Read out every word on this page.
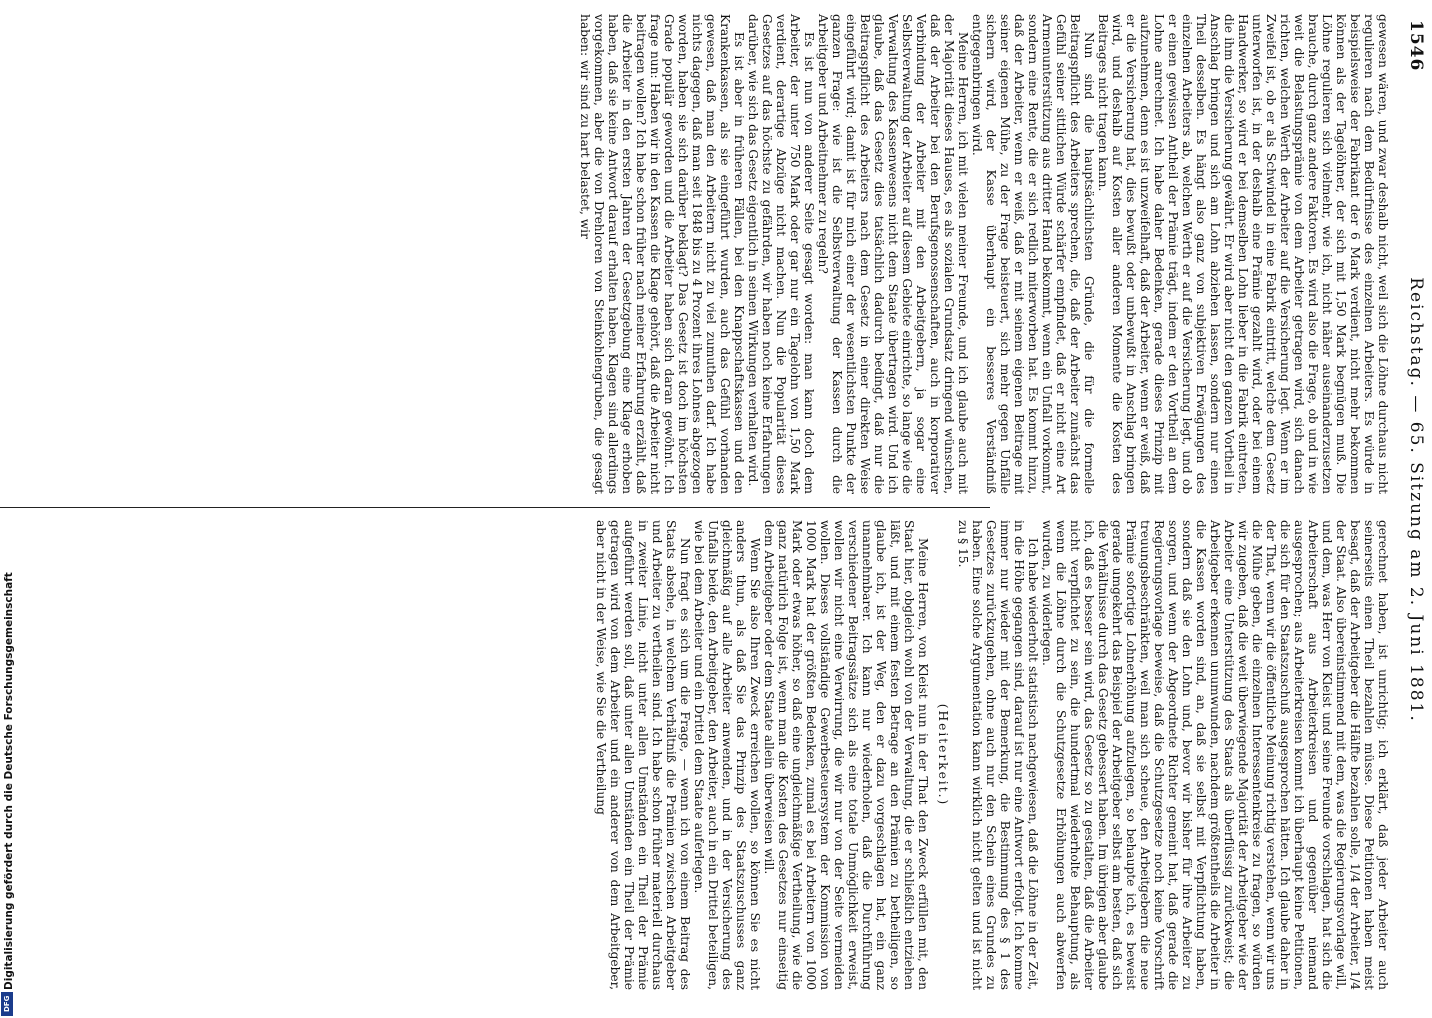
1546
Reichstag. — 65. Sitzung am 2. Juni 1881.

gewesen wären, und zwar deshalb nicht, weil sich die Löhne durchaus nicht regulieren nach dem Bedürfnisse des einzelnen Arbeiters. Es würde in beispielsweise der Fabrikant der 6 Mark verdient, nicht mehr bekommen können als der Tagelöhner, der sich mit 1,50 Mark begnügen muß. Die Löhne regulieren sich vielmehr, wie ich, nicht näher auseinanderzusetzen brauche, durch ganz andere Faktoren. Es wird also die Frage, ob und in wie weit die Belastungsprämie von dem Arbeiter getragen wird, sich danach richten, welchen Werth der Arbeiter auf die Versicherung legt. Wenn er im Zweifel ist, ob er als Schwindel in eine Fabrik eintritt, welche dem Gesetz unterworfen ist, in der deshalb eine Prämie gezahlt wird, oder bei einem Handwerker, so wird er bei demselben Lohn lieber in die Fabrik eintreten, die ihm die Versicherung gewährt. Er wird aber nicht den ganzen Vortheil in Anschlag bringen und sich am Lohn abziehen lassen, sondern nur einen Theil desselben. Es hängt also ganz von subjektiven Erwägungen des einzelnen Arbeiters ab, welchen Werth er auf die Versicherung legt, und ob er einen gewissen Antheil der Prämie trägt, indem er den Vortheil an dem Lohne anrechnet. Ich habe daher Bedenken, gerade dieses Prinzip mit aufzunehmen, denn es ist unzweifelhaft, daß der Arbeiter, wenn er weiß, daß er die Versicherung hat, dies bewußt oder unbewußt in Anschlag bringen wird, und deshalb auf Kosten aller anderen Momente die Kosten des Beitrages nicht tragen kann.

Nun sind die hauptsächlichsten Gründe, die für die formelle Beitragspflicht des Arbeiters sprechen, die, daß der Arbeiter zunächst das Gefühl seiner sittlichen Würde schärfer empfindet, daß er nicht eine Art Armenunterstützung aus dritter Hand bekommt, wenn ein Unfall vorkommt, sondern eine Rente, die er sich redlich miterworben hat. Es kommt hinzu, daß der Arbeiter, wenn er weiß, daß er mit seinem eigenen Beitrage mit seiner eigenen Mühe, zu der Frage beisteuert, sich mehr gegen Unfälle sichern wird, der Kasse überhaupt ein besseres Verständniß entgegenbringen wird.

Meine Herren, ich mit vielen meiner Freunde, und ich glaube auch mit der Majorität dieses Hauses, es als sozialen Grundsatz dringend wünschen, daß der Arbeiter bei den Berufsgenossenschaften, auch in korporativer Verbindung der Arbeiter mit den Arbeitgebern, ja sogar eine Selbstverwaltung der Arbeiter auf diesem Gebiete einrichte, so lange wie die Verwaltung des Kassenwesens nicht dem Staate übertragen wird. Und ich glaube, daß das Gesetz dies tatsächlich dadurch bedingt, daß nur die Beitragspflicht des Arbeiters nach dem Gesetz in einer direkten Weise eingeführt wird; damit ist für mich einer der wesentlichsten Punkte der ganzen Frage: wie ist die Selbstverwaltung der Kassen durch die Arbeitgeber und Arbeitnehmer zu regeln?

Es ist nun von anderer Seite gesagt worden: man kann doch dem Arbeiter, der unter 750 Mark oder gar nur ein Tagelohn von 1,50 Mark verdient, derartige Abzüge nicht machen. Nun die Popularität dieses Gesetzes auf das höchste zu gefährden, wir haben noch keine Erfahrungen darüber, wie sich das Gesetz eigentlich in seinen Wirkungen verhalten wird.

Es ist aber in früheren Fällen, bei den Knappschaftskassen und den Krankenkassen, als sie eingeführt wurden, auch das Gefühl vorhanden gewesen, daß man den Arbeitern nicht zu viel zumuthen darf. Ich habe nichts dagegen, daß man seit 1848 bis zu 4 Prozent ihres Lohnes abgezogen worden, haben sie sich darüber beklagt? Das Gesetz ist doch im höchsten Grade populär geworden und die Arbeiter haben sich daran gewöhnt. Ich frage nun: Haben wir in den Kassen die Klage gehört, daß die Arbeiter nicht beitragen wollen? Ich habe schon früher nach meiner Erfahrung erzählt, daß die Arbeiter in den ersten Jahren der Gesetzgebung eine Klage erhoben haben, daß sie keine Antwort darauf erhalten haben. Klagen sind allerdings vorgekommen, aber die von Drehloren von Steinkohlengruben, die gesagt haben: wir sind zu hart belastet, wir

gerechnet haben, ist unrichtig; ich erklärt, daß jeder Arbeiter auch seinerseits einen Theil bezahlen müsse. Diese Petitionen haben meist besagt, daß der Arbeitgeber die Hälfte bezahlen solle, 1/4 der Arbeiter, 1/4 der Staat. Also übereinstimmend mit dem, was die Regierungsvorlage will, und dem, was Herr von Kleist und seine Freunde vorschlagen, hat sich die Arbeiterschaft aus Arbeiterkreisen und gegenüber niemand ausgesprochen; aus Arbeiterkreisen kommt ich überhaupt keine Petitionen, die sich für den Staatszuschuß ausgesprochen hätten. Ich glaube daher in der That, wenn wir die öffentliche Meinung richtig verstehen, wenn wir uns die Mühe geben, die einzelnen Interessentenkreise zu fragen, so würden wir zugeben, daß die weit überwiegende Majorität der Arbeitgeber wie der Arbeiter eine Unterstützung des Staats als überflüssig zurückweist; die Arbeitgeber erkennen unumwunden, nachdem größtentheils die Arbeiter in die Kassen worden sind, an, daß sie selbst mit Verpflichtung haben, sondern daß sie den Lohn und, bevor wir bisher für ihre Arbeiter zu sorgen, und wenn der Abgeordnete Richter gemeint hat, daß gerade die Regierungsvorlage beweise, daß die Schutzgesetze noch keine Vorschrift treuungsbeschränkten, weil man sich scheue, den Arbeitgebern die neue Prämie sofortige Lohnerhöhung aufzulegen, so behaupte ich, es beweist gerade umgekehrt das Beispiel der Arbeitgeber selbst am besten, daß sich die Verhältnisse durch das Gesetz gebessert haben. Im übrigen aber glaube ich, daß es besser sein wird, das Gesetz so zu gestalten, daß die Arbeiter nicht verpflichtet zu sein, die hundertmal wiederholte Behauptung, als wenn die Löhne durch die Schutzgesetze Erhöhungen auch abwerfen wurden, zu widerlegen.

Ich habe wiederholt statistisch nachgewiesen, daß die Löhne in der Zeit, in die Höhe gegangen sind, darauf ist nur eine Antwort erfolgt. Ich komme immer nur wieder mit der Bemerkung, die Bestimmung des § 1 des Gesetzes zurückzugehen, ohne auch nur den Schein eines Grundes zu haben. Eine solche Argumentation kann wirklich nicht gelten und ist nicht zu § 15.

(Heiterkeit.)

Meine Herren, von Kleist nun in der That den Zweck erfüllen mit, den Staat hier, obgleich wohl von der Verwaltung, die er schließlich entziehen läßt, und mit einem festen Betrage an den Prämien zu betheiligen, so glaube ich, ist der Weg, den er dazu vorgeschlagen hat, ein ganz unannehmbarer. Ich kann nur wiederholen, daß die Durchführung verschiedener Beitragssätze sich als eine totale Unmöglichkeit erweist, wollen wir nicht eine Verwirrung, die wir nur von der Seite vermeiden wollen. Dieses vollständige Gewerbesteuersystem der Kommission von 1000 Mark hat der größten Bedenken, zumal es bei Arbeitern von 1000 Mark oder etwas höher, so daß eine ungleichmäßige Vertheilung, wie die ganz natürlich Folge ist, wenn man die Kosten des Gesetzes nur einseitig dem Arbeitgeber oder dem Staate allein überweisen will.

Wenn Sie also Ihren Zweck erreichen wollen, so können Sie es nicht anders thun, als daß Sie das Prinzip des Staatszuschusses ganz gleichmäßig auf alle Arbeiter anwenden, und in der Versicherung des Unfalls beide, den Arbeitgeber, den Arbeiter, auch in ein Drittel beteiligen, wie bei dem Arbeiter und ein Drittel dem Staate auferlegen.

Nun fragt es sich um die Frage, — wenn ich von einem Beitrag des Staats absehe, in welchem Verhältniß die Prämien zwischen Arbeitgeber und Arbeiter zu vertheilen sind. Ich habe schon früher materiell durchaus in zweiter Linie, nicht unter allen Umständen ein Theil der Prämie aufgeführt werden soll, daß unter allen Umständen ein Theil der Prämie getragen wird von dem Arbeiter und ein anderer von dem Arbeitgeber, aber nicht in der Weise, wie Sie die Vertheilung

Digitalisierung gefördert durch die Deutsche Forschungsgemeinschaft
DFG
